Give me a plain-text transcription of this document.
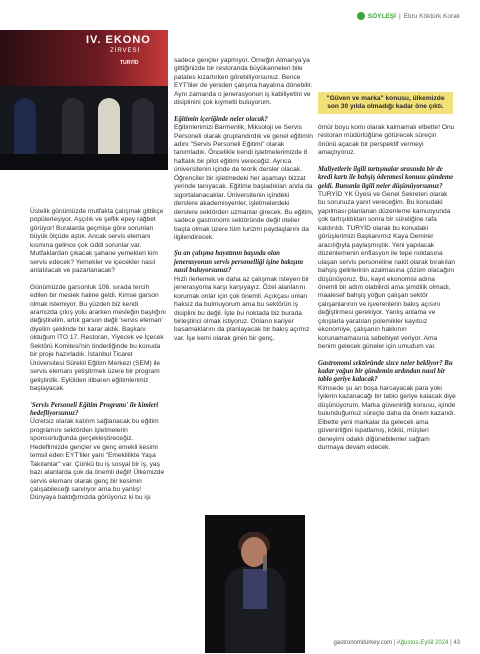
SÖYLEŞİ | Ebru Köktürk Korak
IV. EKONO
ZİRVESİ
TURYİD
"Güven ve marka" konusu, ülkemizde son 30 yılda olmadığı kadar öne çıktı.

Üstelik günümüzde mutfakta çalışmak gittikçe popülerleşiyor. Aşçılık ve şeflik epey rağbet görüyor! Buralarda geçmişe göre sorunları büyük ölçüde aştık. Ancak servis elemanı kısmına gelince çok ciddi sorunlar var. Mutfaklardan çıkacak şahane yemekleri kim servis edecek? Yemekler ve içecekler nasıl anlatılacak ve pazarlanacak?

Günümüzde garsonluk 106. sırada tercih edilen bir meslek haline geldi. Kimse garson olmak istemiyor. Bu yüzden biz kendi aramızda çıkış yolu ararken mesleğin başlığını değiştirelim, artık garson değil 'servis eleman' diyelim şeklinde bir karar aldık. Başkanı olduğum İTO 17. Restoran, Yiyecek ve İçecek Sektörü Komitesi'nin önderliğinde bu konuda bir proje hazırladık. İstanbul Ticaret Üniversitesi Sürekli Eğitim Merkezi (SEM) ile servis elemanı yetiştirmek üzere bir program geliştirdik. Eylülden itibaren eğitimlerimiz başlayacak.

'Servis Personeli Eğitim Programı' ile kimleri hedefliyorsunuz?

Ücretsiz olarak katılım sağlanacak bu eğitim programını sektörden işletmelerin sponsorluğunda gerçekleştireceğiz. Hedeflimizde gençler ve genç emekli kesimi temsil eden EYT'liler yani "Emeklilikte Yaşa Takılanlar" var. Çünkü bu iş sosyal bir iş, yaş bazı alanlarda çok da önemli değil! Ülkemizde servis elemanı olarak genç bir kesimin çalışabileceği sanılıyor ama bu yanlış! Dünyaya baktığımızda görüyoruz ki bu işi

sadece gençler yapmıyor. Örneğin Almanya'ya gittiğinizde bir restoranda büyükanneleri bile patates kızartırken görebiliyorsunuz. Bence EYT'liler de yeniden çalışma hayatına dönebilir. Aynı zamanda o jenerasyonun iş kabiliyetini ve disiplinini çok kıymetli buluyorum.

Eğitimin içeriğinde neler olacak?

Eğitimlerimizi Barmenlik, Miksoloji ve Servis Personeli olarak gruplandırdık ve genel eğitimin adını "Servis Personeli Eğitimi" olarak tanımladık. Öncelikle kendi işletmelerimizde 8 haftalık bir pilot eğitimi vereceğiz. Ayrıca üniversitenin içinde de teorik dersler olacak. Öğrenciler bir işletmedeki her aşamayı bizzat yerinde tanıyacak. Eğitime başladıkları anda da sigortalanacaklar. Üniversitenin içindeki derslere akademisyenler, işletmelerdeki derslere sektörden uzmanlar girecek. Bu eğitim, sadece gastronomi sektöründe değil otelier başta olmak üzere tüm turizmi paydaşlarını da ilgilendirecek.

Şu an çalışma hayatının başında olan jenerasyonun servis personelliği işine bakışını nasıl buluyorsunuz?

Hızlı ilerlemek ve daha az çalışmak isteyen bir jenerasyonla karşı karşıyayız. Özel alanlarını korumak onlar için çok önemli. Açıkçası onları haksız da bulmuyorum ama bu sektörün iş disiplini bu değil. İşte bu noktada biz burada birleştirici olmak istiyoruz. Onların kariyer basamaklarını da planlayacak bir bakış açımız var. İşe kemi olarak giren bir genç,

ömür boyu komi olarak kalmamalı elbette! Onu restoran müdürlüğüne götürecek süreçin önünü açacak bir perspektif vermeyi amaçlıyoruz.

Maliyetlerle ilgili tartışmalar arasında bir de kredi kartı ile bahşiş ödenmesi konusu gündeme geldi. Bununla ilgili neler düşünüyorsunuz?

TURYİD YK Üyesi ve Genel Sekreteri olarak bu sorunuza yanıt vereceğim. Bu konudaki yapılması planlanan düzenleme kamuoyunda çok tartışıldıktan sonra bir süreliğine rafa kaldırıldı. TURYİD olarak bu konudaki görüşlerimizi Başkanımız Kaya Demirer aracılığıyla paylaşmıştık. Yeni yapılacak düzenlemenin enflasyon ile tepe noktasına ulaşan servis personeline nakit olarak bırakılan bahşiş gelirlerinin azalmasına çözüm olacağını düşünüyoruz. Bu, kayıt ekonomisi adına önemli bir adım olabilirdi ama şimdilik olmadı, maalesef bahşiş yoğun çalışan sektör çalışanlarının ve işverenlerin bakış açısını değiştirmesi gerekiyor. Yanlış anlama ve çıkışlarla yaratılan polemikler kayıtsız ekonomiye, çalışanın hakkının korunamamasına sebebiyet veriyor. Ama benim gelecek güneler için umudum var.

Gastronomi sektöründe sizce neler bekliyor? Bu kadar yoğun bir gündemin ardından nasıl bir tablo geriye kalacak?

Kimsede şu an boşa harcayacak para yoki İyilerin kazanacağı bir tablo geriye kalacak diye düşünüyorum. Marka güvenirliği konusu, içinde bulunduğumuz süreçte daha da önem kazandı. Elbette yeni markalar da gelecek ama güvenirliğini ispatlamış, köklü, müşteri deneyimi odaklı diğünebilenler sağlam durmaya devam edecek.

gastronomiturkey.com | Ağustos-Eylül 2024 | 43
